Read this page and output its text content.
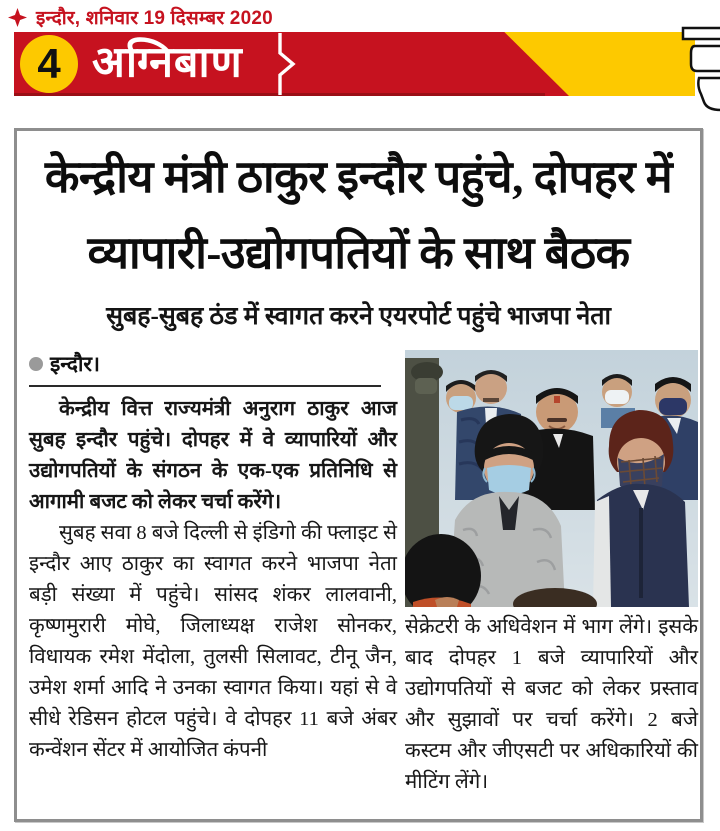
इन्दौर, शनिवार 19 दिसम्बर 2020
4 अग्निबाण
केन्द्रीय मंत्री ठाकुर इन्दौर पहुंचे, दोपहर में व्यापारी-उद्योगपतियों के साथ बैठक
सुबह-सुबह ठंड में स्वागत करने एयरपोर्ट पहुंचे भाजपा नेता
इन्दौर।

केन्द्रीय वित्त राज्यमंत्री अनुराग ठाकुर आज सुबह इन्दौर पहुंचे। दोपहर में वे व्यापारियों और उद्योगपतियों के संगठन के एक-एक प्रतिनिधि से आगामी बजट को लेकर चर्चा करेंगे।

सुबह सवा 8 बजे दिल्ली से इंडिगो की फ्लाइट से इन्दौर आए ठाकुर का स्वागत करने भाजपा नेता बड़ी संख्या में पहुंचे। सांसद शंकर लालवानी, कृष्णमुरारी मोघे, जिलाध्यक्ष राजेश सोनकर, विधायक रमेश मेंदोला, तुलसी सिलावट, टीनू जैन, उमेश शर्मा आदि ने उनका स्वागत किया। यहां से वे सीधे रेडिसन होटल पहुंचे। वे दोपहर 11 बजे अंबर कन्वेंशन सेंटर में आयोजित कंपनी

सेक्रेटरी के अधिवेशन में भाग लेंगे। इसके बाद दोपहर 1 बजे व्यापारियों और उद्योगपतियों से बजट को लेकर प्रस्ताव और सुझावों पर चर्चा करेंगे। 2 बजे कस्टम और जीएसटी पर अधिकारियों की मीटिंग लेंगे।
